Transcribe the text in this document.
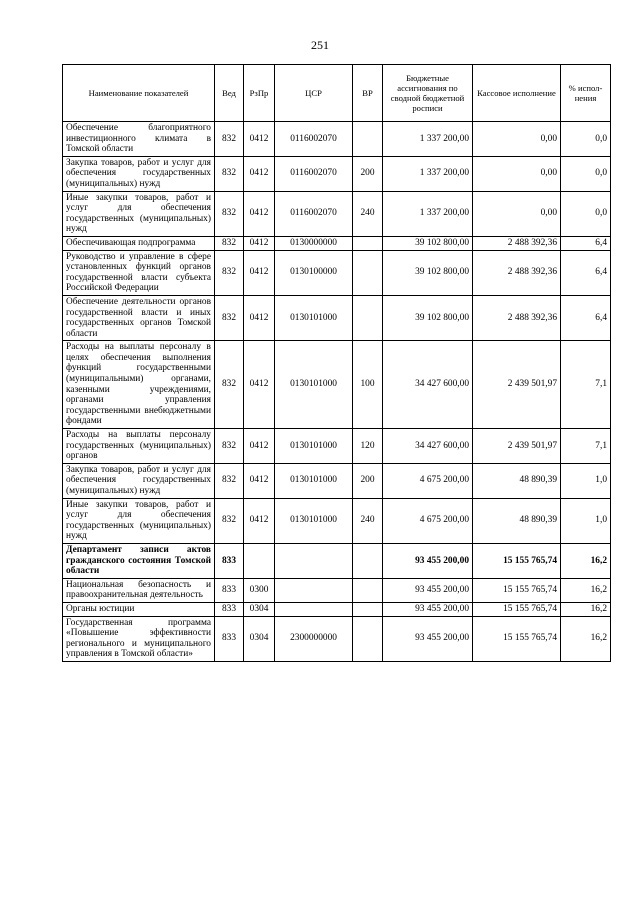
251
Наименование показателей	Вед	РзПр	ЦСР	ВР	Бюджетные ассигнования по сводной бюджетной росписи	Кассовое исполнение	% испол-нения
Обеспечение благоприятного инвестиционного климата в Томской области	832	0412	0116002070		1 337 200,00	0,00	0,0
Закупка товаров, работ и услуг для обеспечения государственных (муниципальных) нужд	832	0412	0116002070	200	1 337 200,00	0,00	0,0
Иные закупки товаров, работ и услуг для обеспечения государственных (муниципальных) нужд	832	0412	0116002070	240	1 337 200,00	0,00	0,0
Обеспечивающая подпрограмма	832	0412	0130000000		39 102 800,00	2 488 392,36	6,4
Руководство и управление в сфере установленных функций органов государственной власти субъекта Российской Федерации	832	0412	0130100000		39 102 800,00	2 488 392,36	6,4
Обеспечение деятельности органов государственной власти и иных государственных органов Томской области	832	0412	0130101000		39 102 800,00	2 488 392,36	6,4
Расходы на выплаты персоналу в целях обеспечения выполнения функций государственными (муниципальными) органами, казенными учреждениями, органами управления государственными внебюджетными фондами	832	0412	0130101000	100	34 427 600,00	2 439 501,97	7,1
Расходы на выплаты персоналу государственных (муниципальных) органов	832	0412	0130101000	120	34 427 600,00	2 439 501,97	7,1
Закупка товаров, работ и услуг для обеспечения государственных (муниципальных) нужд	832	0412	0130101000	200	4 675 200,00	48 890,39	1,0
Иные закупки товаров, работ и услуг для обеспечения государственных (муниципальных) нужд	832	0412	0130101000	240	4 675 200,00	48 890,39	1,0
Департамент записи актов гражданского состояния Томской области	833				93 455 200,00	15 155 765,74	16,2
Национальная безопасность и правоохранительная деятельность	833	0300			93 455 200,00	15 155 765,74	16,2
Органы юстиции	833	0304			93 455 200,00	15 155 765,74	16,2
Государственная программа «Повышение эффективности регионального и муниципального управления в Томской области»	833	0304	2300000000		93 455 200,00	15 155 765,74	16,2
